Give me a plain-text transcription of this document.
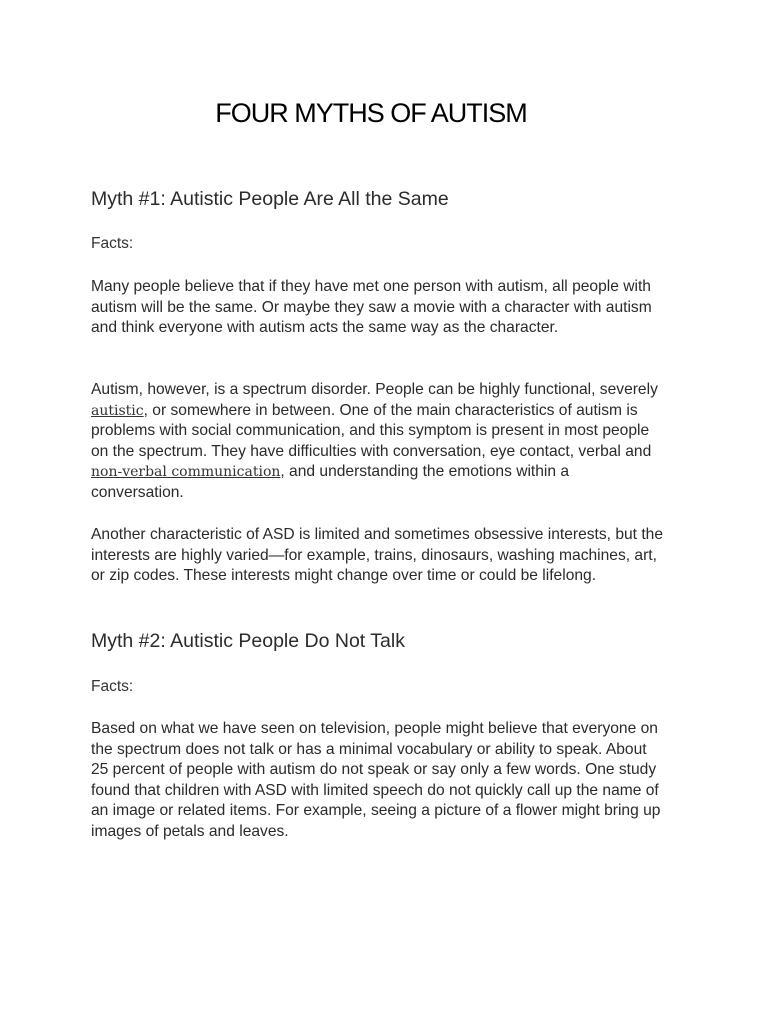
FOUR MYTHS OF AUTISM
Myth #1: Autistic People Are All the Same

Facts:

Many people believe that if they have met one person with autism, all people with autism will be the same. Or maybe they saw a movie with a character with autism and think everyone with autism acts the same way as the character.

Autism, however, is a spectrum disorder. People can be highly functional, severely autistic, or somewhere in between. One of the main characteristics of autism is problems with social communication, and this symptom is present in most people on the spectrum. They have difficulties with conversation, eye contact, verbal and non-verbal communication, and understanding the emotions within a conversation.

Another characteristic of ASD is limited and sometimes obsessive interests, but the interests are highly varied—for example, trains, dinosaurs, washing machines, art, or zip codes. These interests might change over time or could be lifelong.

Myth #2: Autistic People Do Not Talk

Facts:

Based on what we have seen on television, people might believe that everyone on the spectrum does not talk or has a minimal vocabulary or ability to speak. About 25 percent of people with autism do not speak or say only a few words. One study found that children with ASD with limited speech do not quickly call up the name of an image or related items. For example, seeing a picture of a flower might bring up images of petals and leaves.
